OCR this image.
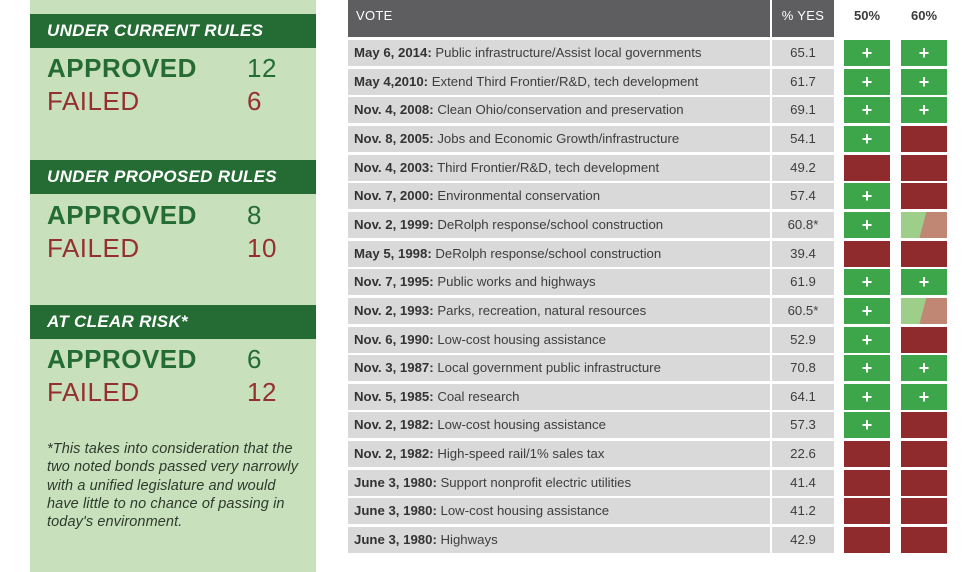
UNDER CURRENT RULES
APPROVED 12
FAILED	6
UNDER PROPOSED RULES
APPROVED 8
FAILED	10
AT CLEAR RISK*
APPROVED 6
FAILED	12
*This takes into consideration that the two noted bonds passed very narrowly with a unified legislature and would have little to no chance of passing in today's environment.
VOTE	% YES	50%	60%
May 6, 2014: Public infrastructure/Assist local governments	65.1	+	+
May 4,2010: Extend Third Frontier/R&D, tech development	61.7	+	+
Nov. 4, 2008: Clean Ohio/conservation and preservation	69.1	+	+
Nov. 8, 2005: Jobs and Economic Growth/infrastructure	54.1	+
Nov. 4, 2003: Third Frontier/R&D, tech development	49.2
Nov. 7, 2000: Environmental conservation	57.4	+
Nov. 2, 1999: DeRolph response/school construction	60.8*	+
May 5, 1998: DeRolph response/school construction	39.4
Nov. 7, 1995: Public works and highways	61.9	+	+
Nov. 2, 1993: Parks, recreation, natural resources	60.5*	+
Nov. 6, 1990: Low-cost housing assistance	52.9	+
Nov. 3, 1987: Local government public infrastructure	70.8	+	+
Nov. 5, 1985: Coal research	64.1	+	+
Nov. 2, 1982: Low-cost housing assistance	57.3	+
Nov. 2, 1982: High-speed rail/1% sales tax	22.6
June 3, 1980: Support nonprofit electric utilities	41.4
June 3, 1980: Low-cost housing assistance	41.2
June 3, 1980: Highways	42.9
